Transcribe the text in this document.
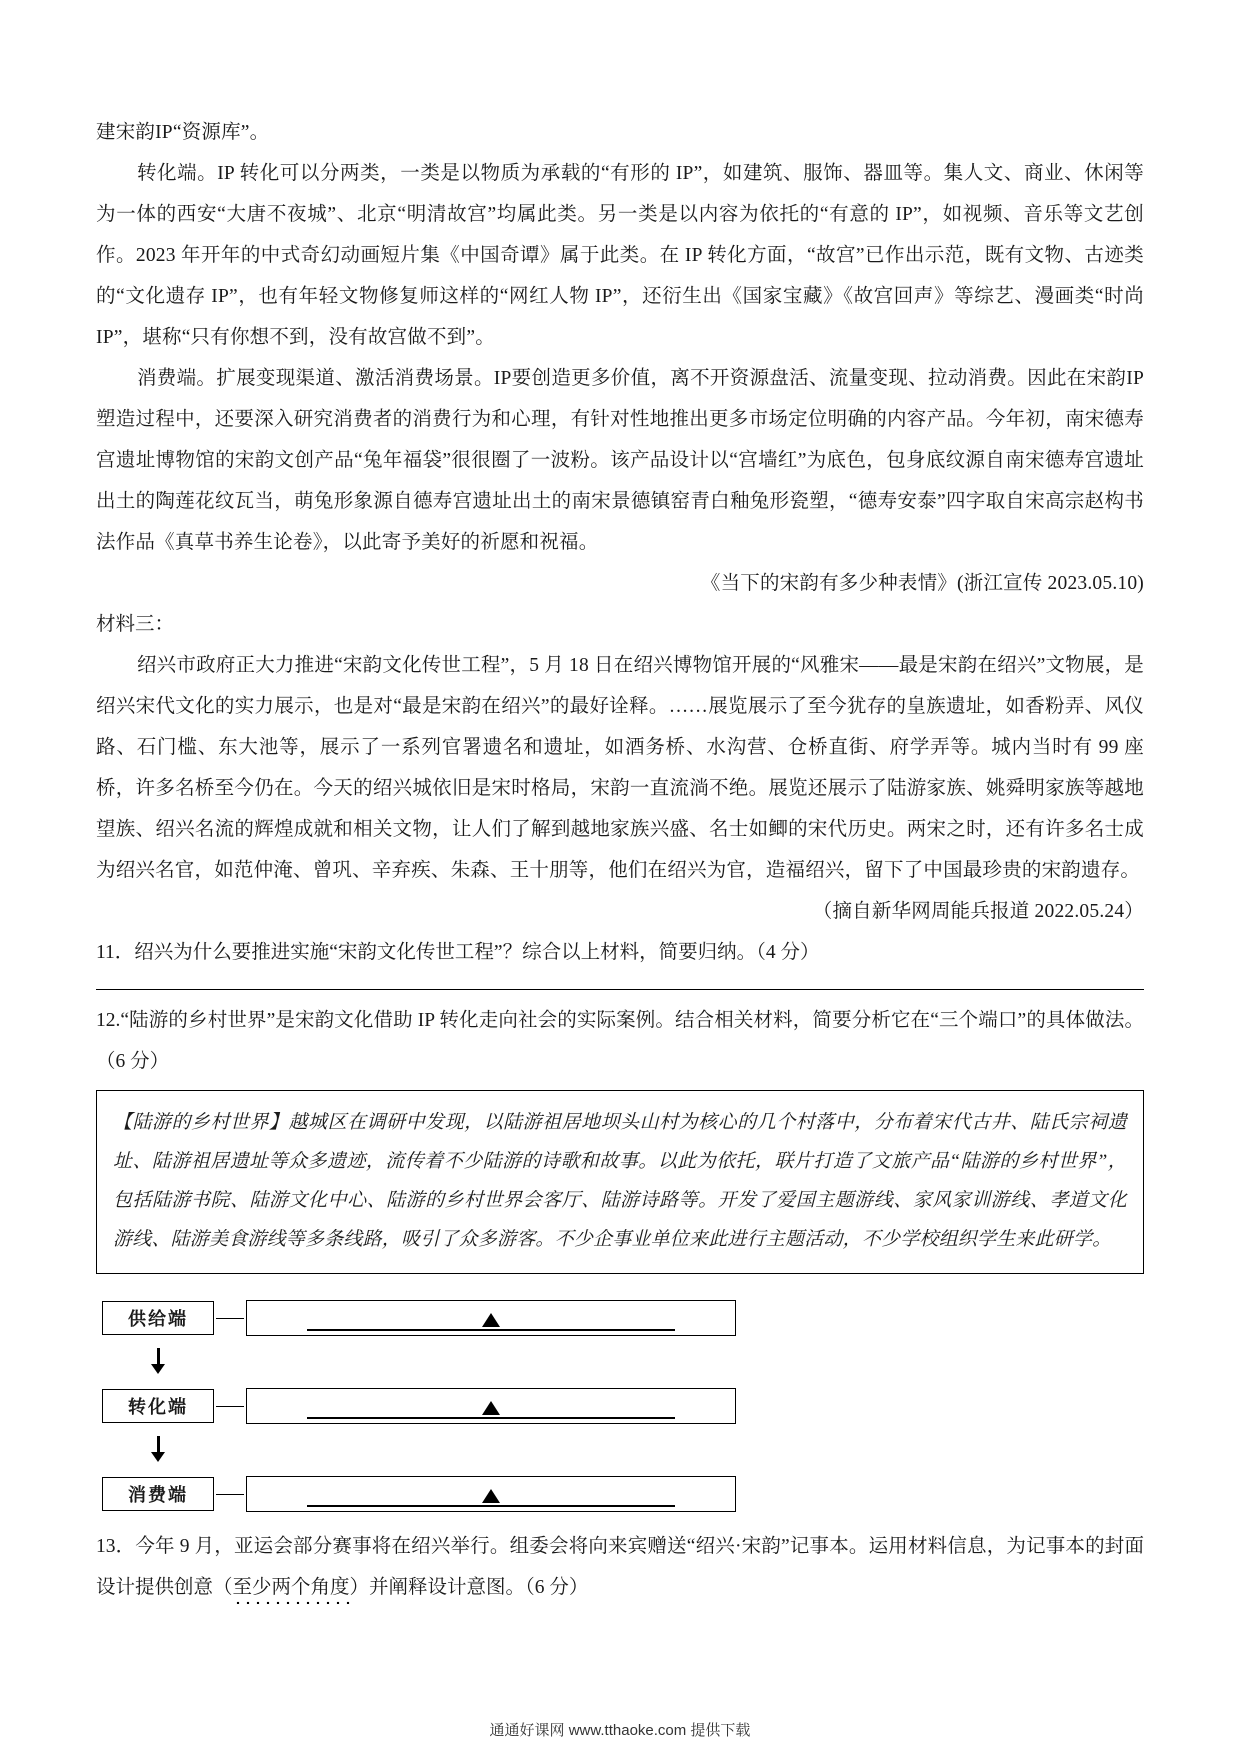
建宋韵IP“资源库”。

转化端。IP 转化可以分两类，一类是以物质为承载的“有形的 IP”，如建筑、服饰、器皿等。集人文、商业、休闲等为一体的西安“大唐不夜城”、北京“明清故宫”均属此类。另一类是以内容为依托的“有意的 IP”，如视频、音乐等文艺创作。2023 年开年的中式奇幻动画短片集《中国奇谭》属于此类。在 IP 转化方面，“故宫”已作出示范，既有文物、古迹类的“文化遗存 IP”，也有年轻文物修复师这样的“网红人物 IP”，还衍生出《国家宝藏》《故宫回声》等综艺、漫画类“时尚IP”，堪称“只有你想不到，没有故宫做不到”。

消费端。扩展变现渠道、激活消费场景。IP要创造更多价值，离不开资源盘活、流量变现、拉动消费。因此在宋韵IP塑造过程中，还要深入研究消费者的消费行为和心理，有针对性地推出更多市场定位明确的内容产品。今年初，南宋德寿宫遗址博物馆的宋韵文创产品“兔年福袋”很很圈了一波粉。该产品设计以“宫墙红”为底色，包身底纹源自南宋德寿宫遗址出土的陶莲花纹瓦当，萌兔形象源自德寿宫遗址出土的南宋景德镇窑青白釉兔形瓷塑，“德寿安泰”四字取自宋高宗赵构书法作品《真草书养生论卷》，以此寄予美好的祈愿和祝福。

《当下的宋韵有多少种表情》(浙江宣传 2023.05.10)

材料三：

绍兴市政府正大力推进“宋韵文化传世工程”，5 月 18 日在绍兴博物馆开展的“风雅宋——最是宋韵在绍兴”文物展，是绍兴宋代文化的实力展示，也是对“最是宋韵在绍兴”的最好诠释。……展览展示了至今犹存的皇族遗址，如香粉弄、风仪路、石门槛、东大池等，展示了一系列官署遗名和遗址，如酒务桥、水沟营、仓桥直街、府学弄等。城内当时有 99 座桥，许多名桥至今仍在。今天的绍兴城依旧是宋时格局，宋韵一直流淌不绝。展览还展示了陆游家族、姚舜明家族等越地望族、绍兴名流的辉煌成就和相关文物，让人们了解到越地家族兴盛、名士如鲫的宋代历史。两宋之时，还有许多名士成为绍兴名官，如范仲淹、曾巩、辛弃疾、朱森、王十朋等，他们在绍兴为官，造福绍兴，留下了中国最珍贵的宋韵遗存。

（摘自新华网周能兵报道 2022.05.24）

11．绍兴为什么要推进实施“宋韵文化传世工程”？综合以上材料，简要归纳。（4 分）

12.“陆游的乡村世界”是宋韵文化借助 IP 转化走向社会的实际案例。结合相关材料，简要分析它在“三个端口”的具体做法。（6 分）

【陆游的乡村世界】越城区在调研中发现，以陆游祖居地坝头山村为核心的几个村落中，分布着宋代古井、陆氏宗祠遗址、陆游祖居遗址等众多遗迹，流传着不少陆游的诗歌和故事。以此为依托，联片打造了文旅产品“陆游的乡村世界”，包括陆游书院、陆游文化中心、陆游的乡村世界会客厅、陆游诗路等。开发了爱国主题游线、家风家训游线、孝道文化游线、陆游美食游线等多条线路，吸引了众多游客。不少企事业单位来此进行主题活动，不少学校组织学生来此研学。

供给端
转化端
消费端

13．今年 9 月，亚运会部分赛事将在绍兴举行。组委会将向来宾赠送“绍兴·宋韵”记事本。运用材料信息，为记事本的封面设计提供创意（至少两个角度）并阐释设计意图。（6 分）

通通好课网 www.tthaoke.com 提供下载
